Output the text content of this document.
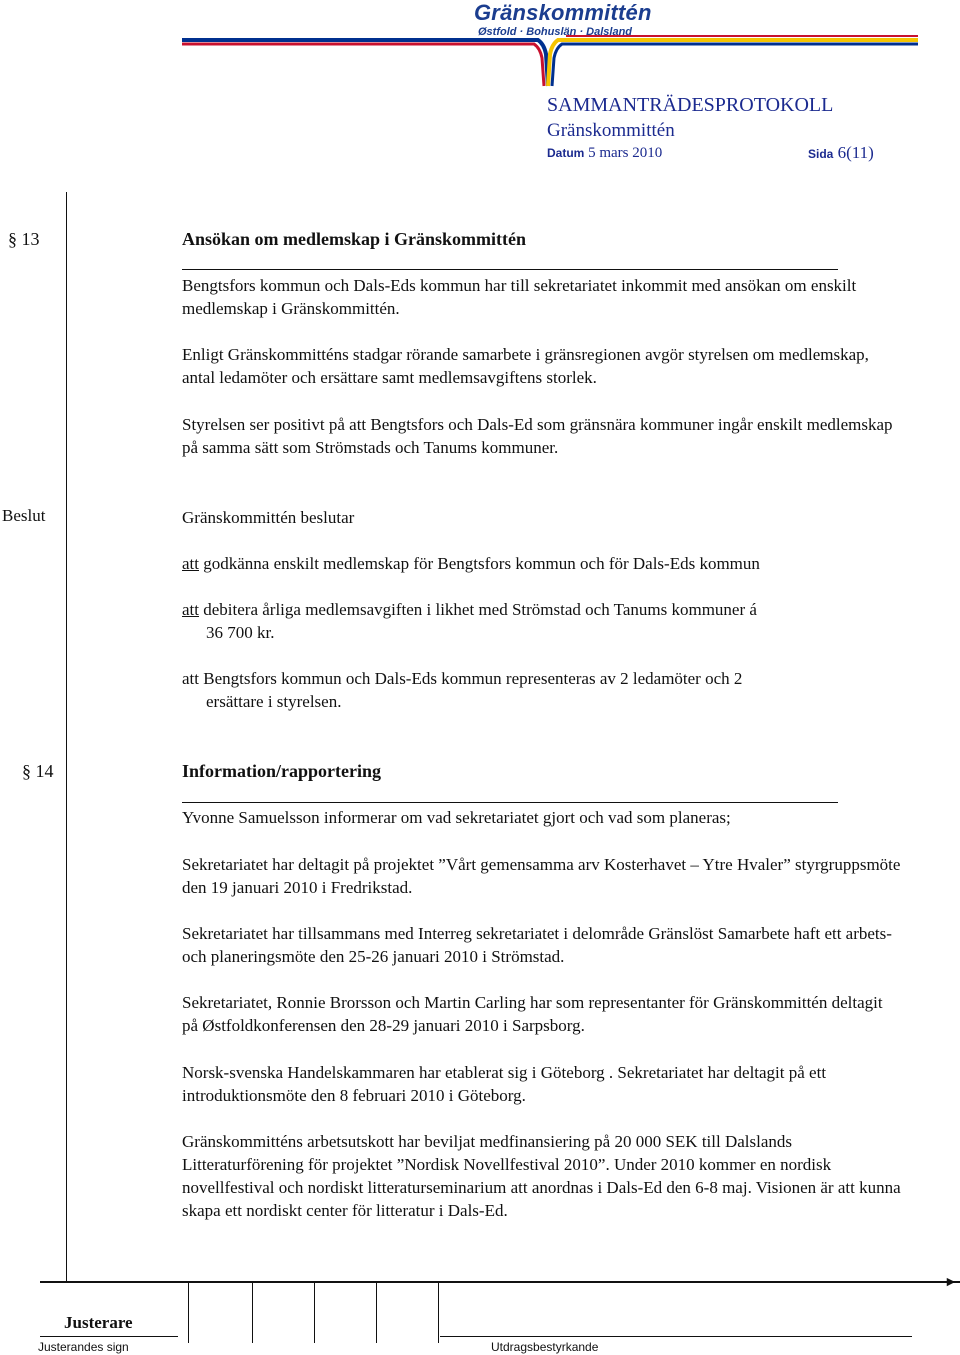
Gränskommittén
Østfold · Bohuslän · Dalsland
SAMMANTRÄDESPROTOKOLL
Gränskommittén
Datum 5 mars 2010	Sida 6(11)
§ 13	Ansökan om medlemskap i Gränskommittén
Bengtsfors kommun och Dals-Eds kommun har till sekretariatet inkommit med ansökan om enskilt medlemskap i Gränskommittén.
Enligt Gränskommitténs stadgar rörande samarbete i gränsregionen avgör styrelsen om medlemskap, antal ledamöter och ersättare samt medlemsavgiftens storlek.
Styrelsen ser positivt på att Bengtsfors och Dals-Ed som gränsnära kommuner ingår enskilt medlemskap på samma sätt som Strömstads och Tanums kommuner.
Beslut	Gränskommittén beslutar
att godkänna enskilt medlemskap för Bengtsfors kommun och för Dals-Eds kommun
att debitera årliga medlemsavgiften i likhet med Strömstad och Tanums kommuner á
36 700 kr.
att Bengtsfors kommun och Dals-Eds kommun representeras av 2 ledamöter och 2
ersättare i styrelsen.
§ 14	Information/rapportering
Yvonne Samuelsson informerar om vad sekretariatet gjort och vad som planeras;
Sekretariatet har deltagit på projektet ”Vårt gemensamma arv Kosterhavet – Ytre Hvaler” styrgruppsmöte den 19 januari 2010 i Fredrikstad.
Sekretariatet har tillsammans med Interreg sekretariatet i delområde Gränslöst Samarbete haft ett arbets- och planeringsmöte den 25-26 januari 2010 i Strömstad.
Sekretariatet, Ronnie Brorsson och Martin Carling har som representanter för Gränskommittén deltagit på Østfoldkonferensen den 28-29 januari 2010 i Sarpsborg.
Norsk-svenska Handelskammaren har etablerat sig i Göteborg . Sekretariatet har deltagit på ett introduktionsmöte den 8 februari 2010 i Göteborg.
Gränskommitténs arbetsutskott har beviljat medfinansiering på 20 000 SEK till Dalslands Litteraturförening för projektet ”Nordisk Novellfestival 2010”. Under 2010 kommer en nordisk novellfestival och nordiskt litteraturseminarium att anordnas i Dals-Ed den 6-8 maj. Visionen är att kunna skapa ett nordiskt center för litteratur i Dals-Ed.
►
Justerare
Justerandes sign	Utdragsbestyrkande
